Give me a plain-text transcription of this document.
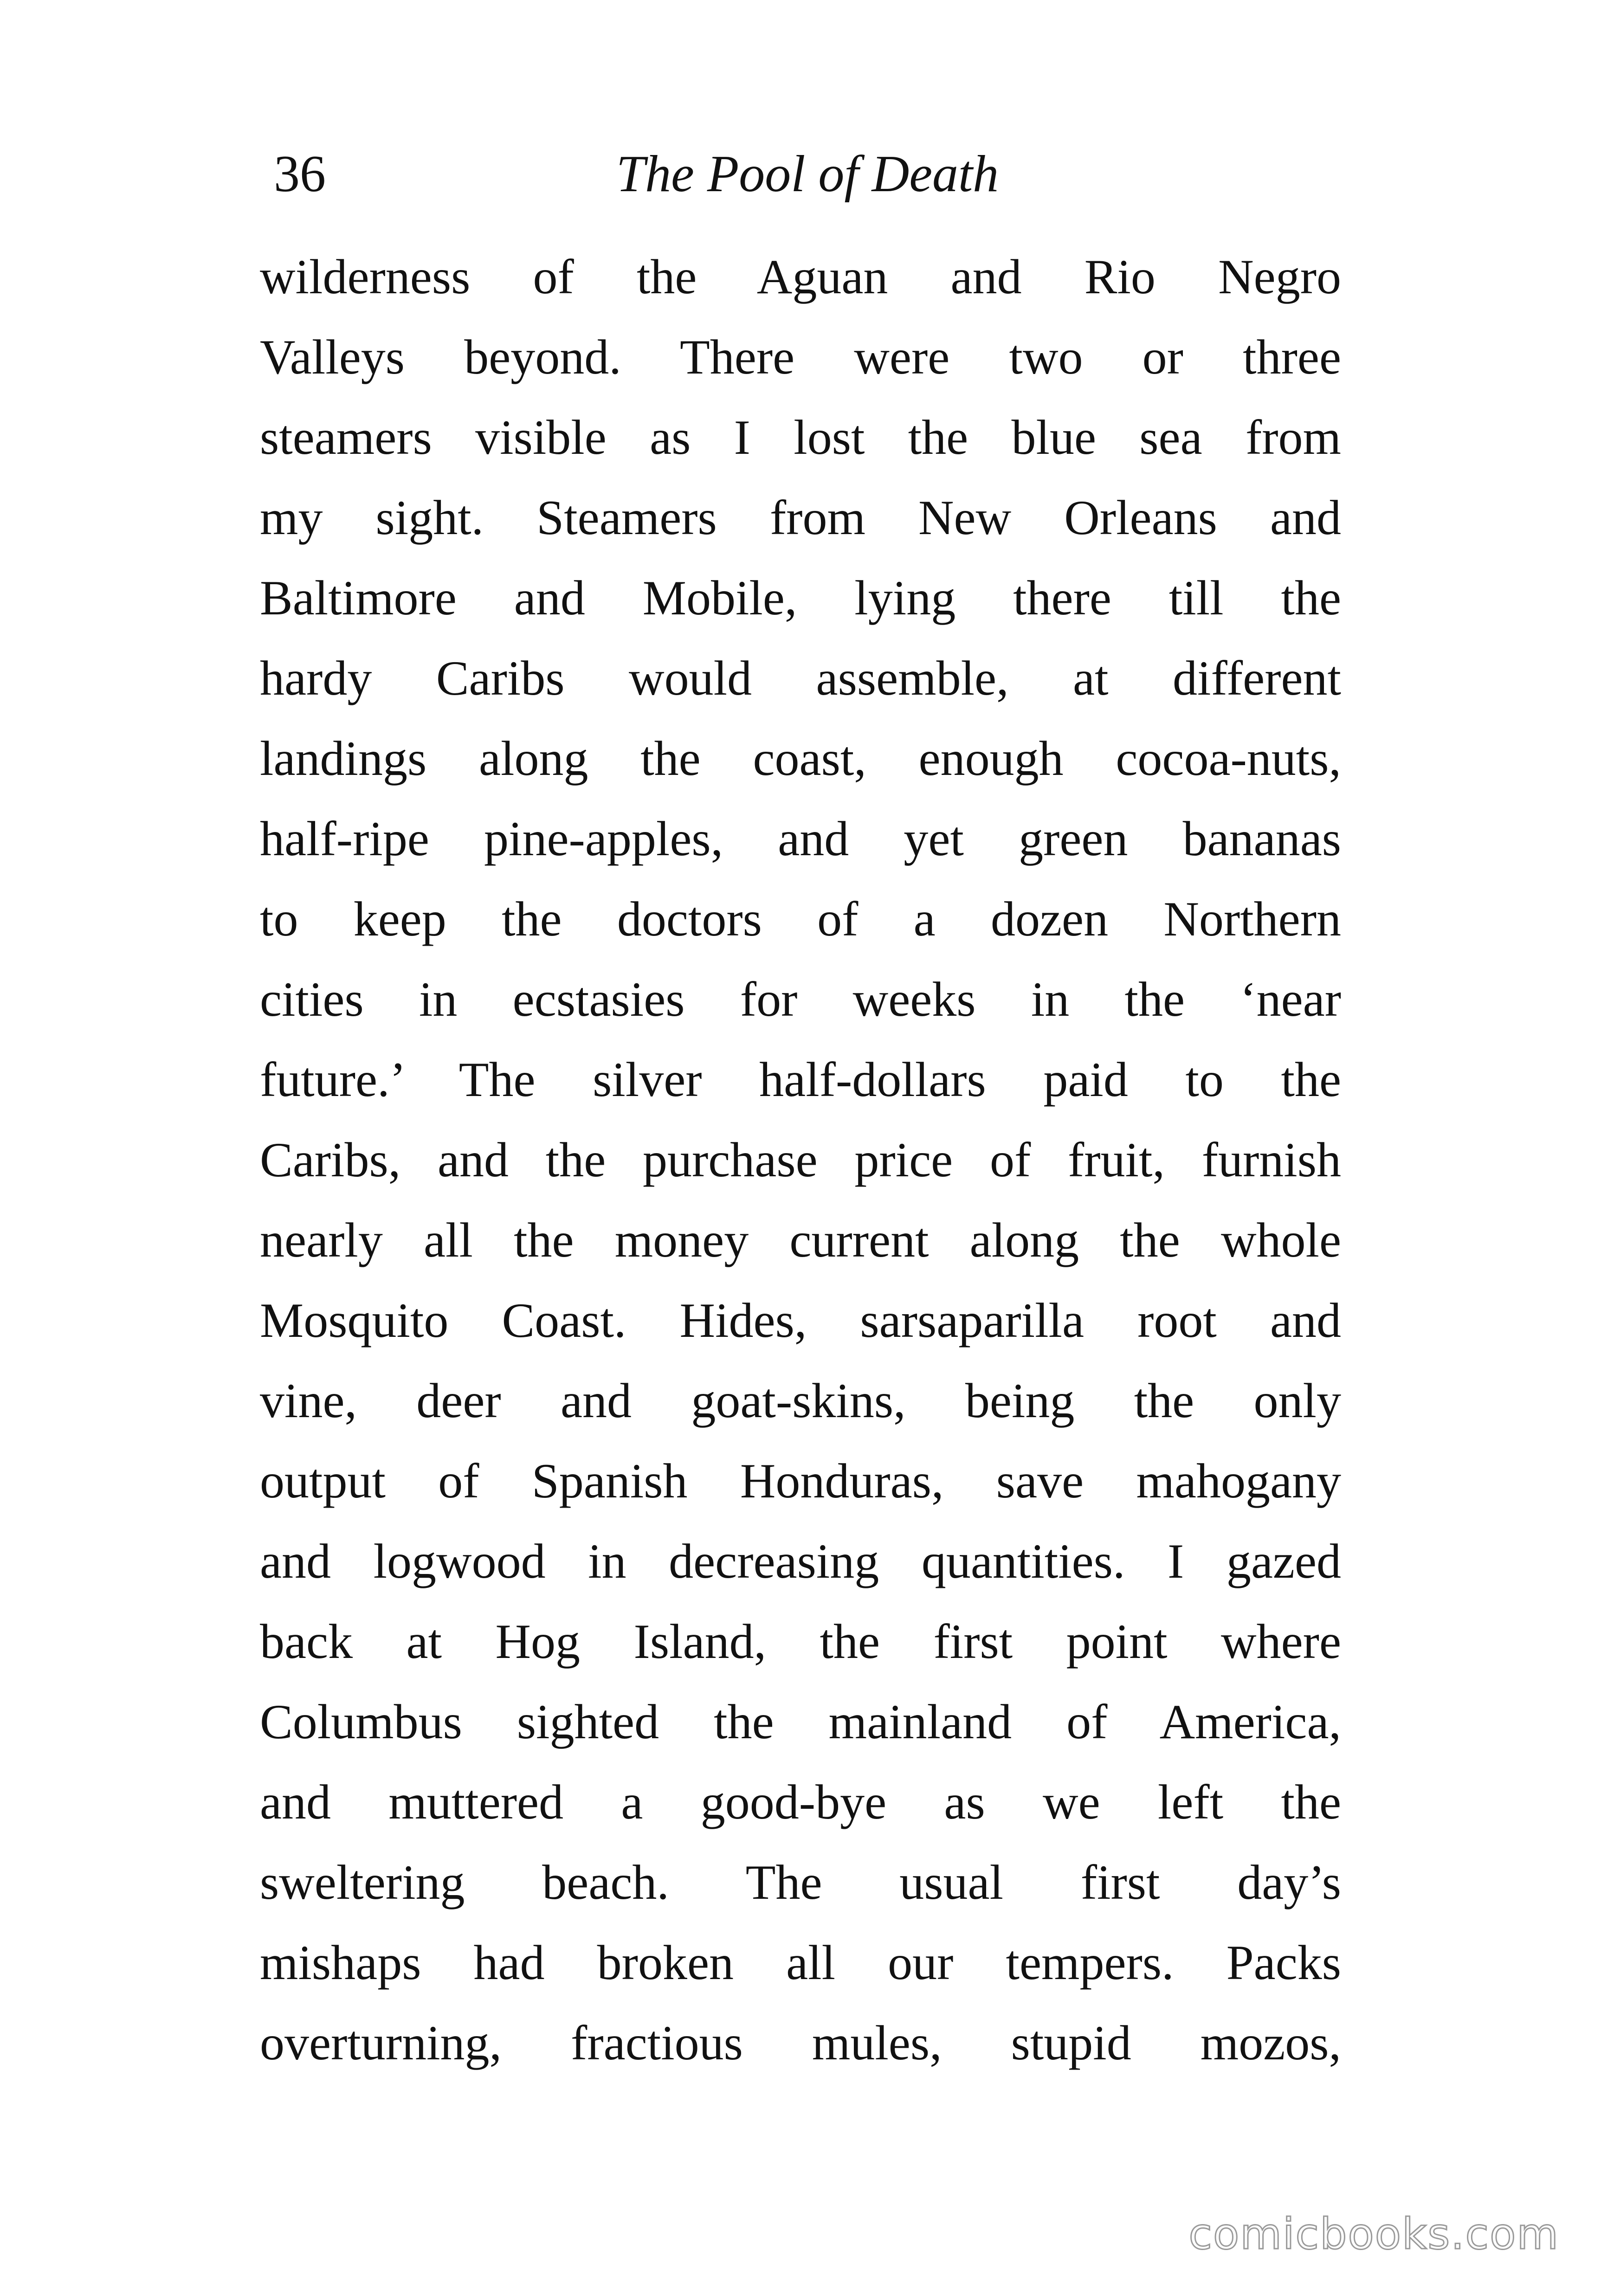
36	The Pool of Death
wilderness of the Aguan and Rio Negro
Valleys beyond. There were two or three
steamers visible as I lost the blue sea from
my sight. Steamers from New Orleans and
Baltimore and Mobile, lying there till the
hardy Caribs would assemble, at different
landings along the coast, enough cocoa-nuts,
half-ripe pine-apples, and yet green bananas
to keep the doctors of a dozen Northern
cities in ecstasies for weeks in the ‘near
future.’ The silver half-dollars paid to the
Caribs, and the purchase price of fruit, furnish
nearly all the money current along the whole
Mosquito Coast. Hides, sarsaparilla root and
vine, deer and goat-skins, being the only
output of Spanish Honduras, save mahogany
and logwood in decreasing quantities. I gazed
back at Hog Island, the first point where
Columbus sighted the mainland of America,
and muttered a good-bye as we left the
sweltering beach. The usual first day’s
mishaps had broken all our tempers. Packs
overturning, fractious mules, stupid mozos,
comicbooks.com
